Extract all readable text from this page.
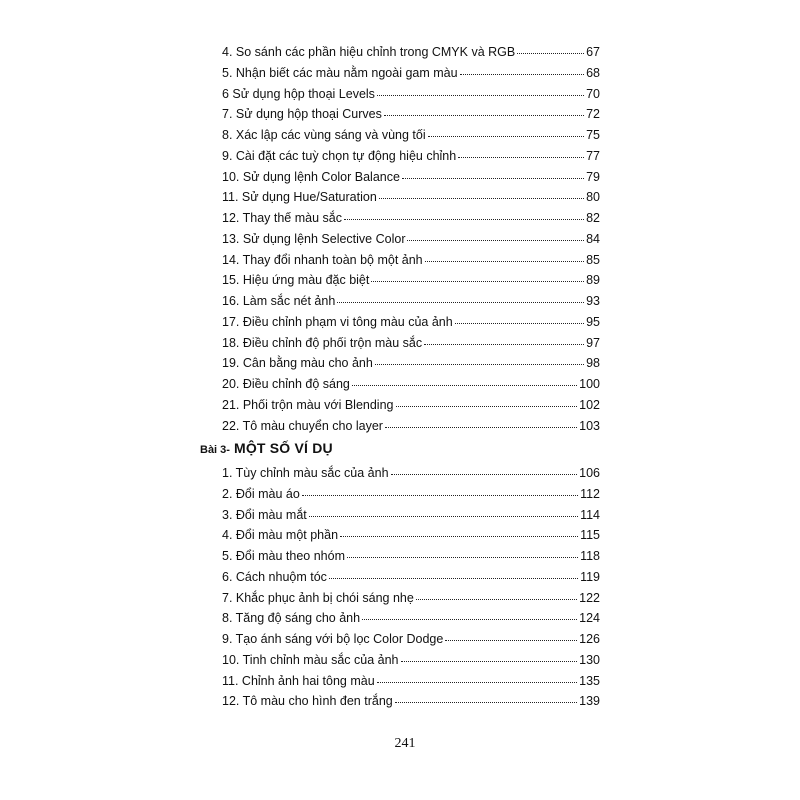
4. So sánh các phần hiệu chỉnh trong CMYK và RGB	67
5. Nhận biết các màu nằm ngoài gam màu	68
6 Sử dụng hộp thoại Levels	70
7. Sử dụng hộp thoại Curves	72
8. Xác lập các vùng sáng và vùng tối	75
9. Cài đặt các tuỳ chọn tự động hiệu chỉnh	77
10. Sử dụng lệnh Color Balance	79
11. Sử dụng Hue/Saturation	80
12. Thay thế màu sắc	82
13. Sử dụng lệnh Selective Color	84
14. Thay đổi nhanh toàn bộ một ảnh	85
15. Hiệu ứng màu đặc biệt	89
16. Làm sắc nét ảnh	93
17. Điều chỉnh phạm vi tông màu của ảnh	95
18. Điều chỉnh độ phối trộn màu sắc	97
19. Cân bằng màu cho ảnh	98
20. Điều chỉnh độ sáng	100
21. Phối trộn màu với Blending	102
22. Tô màu chuyển cho layer	103
Bài 3- MỘT SỐ VÍ DỤ
1. Tùy chỉnh màu sắc của ảnh	106
2. Đổi màu áo	112
3. Đổi màu mắt	114
4. Đổi màu một phần	115
5. Đổi màu theo nhóm	118
6. Cách nhuộm tóc	119
7. Khắc phục ảnh bị chói sáng nhẹ	122
8. Tăng độ sáng cho ảnh	124
9. Tạo ánh sáng với bộ lọc Color Dodge	126
10. Tinh chỉnh màu sắc của ảnh	130
11. Chỉnh ảnh hai tông màu	135
12. Tô màu cho hình đen trắng	139
241
